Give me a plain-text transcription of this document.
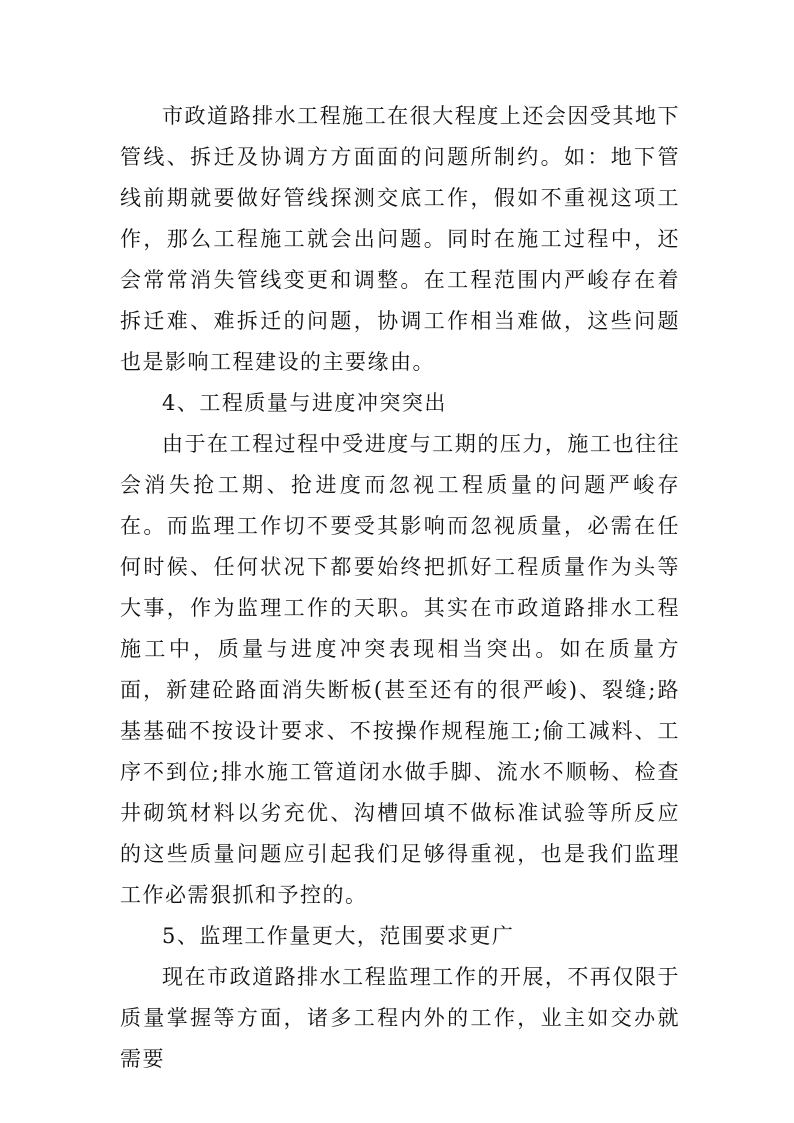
市政道路排水工程施工在很大程度上还会因受其地下管线、拆迁及协调方方面面的问题所制约。如：地下管线前期就要做好管线探测交底工作，假如不重视这项工作，那么工程施工就会出问题。同时在施工过程中，还会常常消失管线变更和调整。在工程范围内严峻存在着拆迁难、难拆迁的问题，协调工作相当难做，这些问题也是影响工程建设的主要缘由。

4、工程质量与进度冲突突出

由于在工程过程中受进度与工期的压力，施工也往往会消失抢工期、抢进度而忽视工程质量的问题严峻存在。而监理工作切不要受其影响而忽视质量，必需在任何时候、任何状况下都要始终把抓好工程质量作为头等大事，作为监理工作的天职。其实在市政道路排水工程施工中，质量与进度冲突表现相当突出。如在质量方面，新建砼路面消失断板(甚至还有的很严峻)、裂缝;路基基础不按设计要求、不按操作规程施工;偷工减料、工序不到位;排水施工管道闭水做手脚、流水不顺畅、检查井砌筑材料以劣充优、沟槽回填不做标准试验等所反应的这些质量问题应引起我们足够得重视，也是我们监理工作必需狠抓和予控的。

5、监理工作量更大，范围要求更广

现在市政道路排水工程监理工作的开展，不再仅限于质量掌握等方面，诸多工程内外的工作，业主如交办就需要
